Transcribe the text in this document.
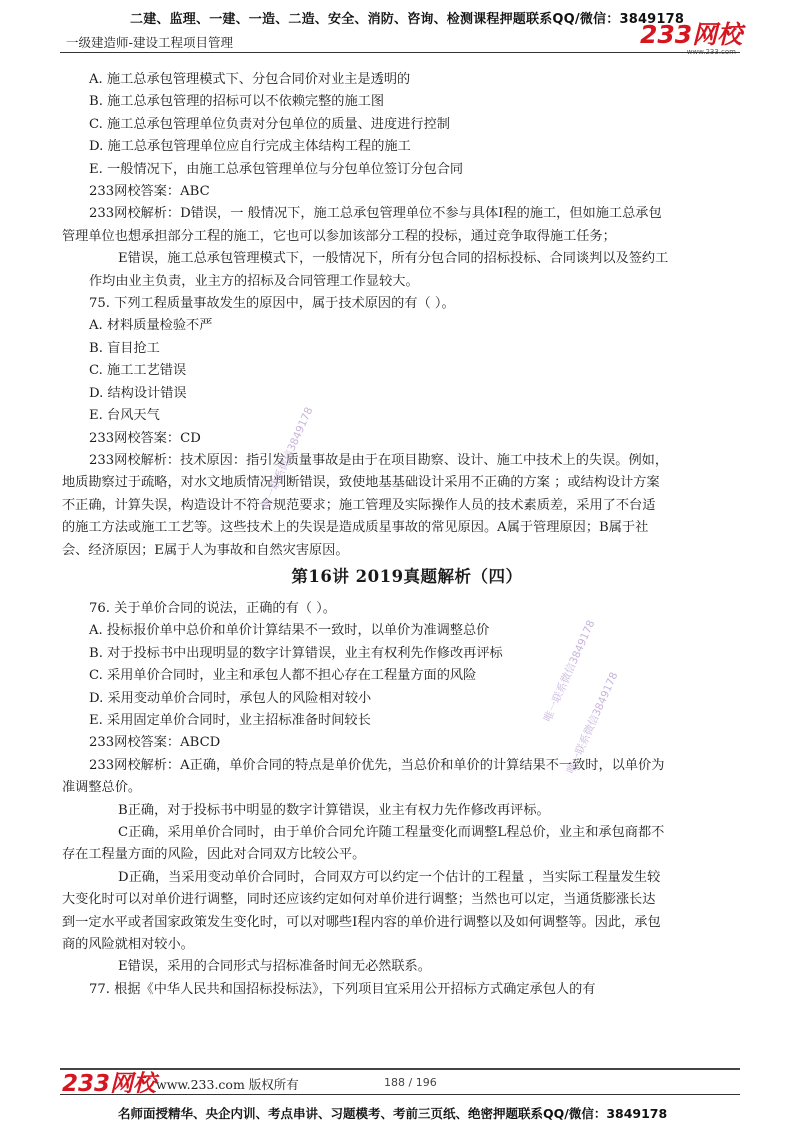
二建、监理、一建、一造、二造、安全、消防、咨询、检测课程押题联系QQ/微信：3849178
一级建造师-建设工程项目管理	233网校
www.233.com
A. 施工总承包管理模式下、分包合同价对业主是透明的
B. 施工总承包管理的招标可以不依赖完整的施工图
C. 施工总承包管理单位负责对分包单位的质量、进度进行控制
D. 施工总承包管理单位应自行完成主体结构工程的施工
E. 一般情况下，由施工总承包管理单位与分包单位签订分包合同
233网校答案：ABC
233网校解析：D错误，一 般情况下，施工总承包管理单位不参与具体I程的施工，但如施工总承包
管理单位也想承担部分工程的施工，它也可以参加该部分工程的投标，通过竞争取得施工任务；
E错误，施工总承包管理模式下，一般情况下，所有分包合同的招标投标、合同谈判以及签约工
作均由业主负责，业主方的招标及合同管理工作显较大。
75. 下列工程质量事故发生的原因中，属于技术原因的有（ ）。
A. 材料质量检验不严
B. 盲目抢工
C. 施工工艺错误
D. 结构设计错误
E. 台风天气
233网校答案：CD
233网校解析：技术原因：指引发质量事故是由于在项目勘察、设计、施工中技术上的失误。例如，
地质勘察过于疏略，对水文地质情况判断错误，致使地基基础设计采用不正确的方案 ；或结构设计方案
不正确，计算失误，构造设计不符合规范要求；施工管理及实际操作人员的技术素质差，采用了不台适
的施工方法或施工工艺等。这些技术上的失误是造成质星事故的常见原因。A属于管理原因；B属于社
会、经济原因；E属于人为事故和自然灾害原因。
第16讲 2019真题解析（四）
76. 关于单价合同的说法，正确的有（ ）。
A. 投标报价单中总价和单价计算结果不一致时，以单价为准调整总价
B. 对于投标书中出现明显的数字计算错误，业主有权利先作修改再评标
C. 采用单价合同时，业主和承包人都不担心存在工程量方面的风险
D. 采用变动单价合同时，承包人的风险相对较小
E. 采用固定单价合同时，业主招标准备时间较长
233网校答案：ABCD
233网校解析：A正确，单价合同的特点是单价优先，当总价和单价的计算结果不一致时，以单价为
准调整总价。
B正确，对于投标书中明显的数字计算错误，业主有权力先作修改再评标。
C正确，采用单价合同时，由于单价合同允许随工程量变化而调整L程总价，业主和承包商都不
存在工程量方面的风险，因此对合同双方比较公平。
D正确，当采用变动单价合同时，合同双方可以约定一个估计的工程量 ，当实际工程量发生较
大变化时可以对单价进行调整，同时还应该约定如何对单价进行调整；当然也可以定，当通货膨涨长达
到一定水平或者国家政策发生变化时，可以对哪些I程内容的单价进行调整以及如何调整等。因此，承包
商的风险就相对较小。
E错误，采用的合同形式与招标准备时间无必然联系。
77. 根据《中华人民共和国招标投标法》，下列项目宜采用公开招标方式确定承包人的有
唯一联系微信3849178
唯一联系微信3849178
唯一联系微信3849178
233网校 www.233.com 版权所有	188 / 196
名师面授精华、央企内训、考点串讲、习题模考、考前三页纸、绝密押题联系QQ/微信：3849178
